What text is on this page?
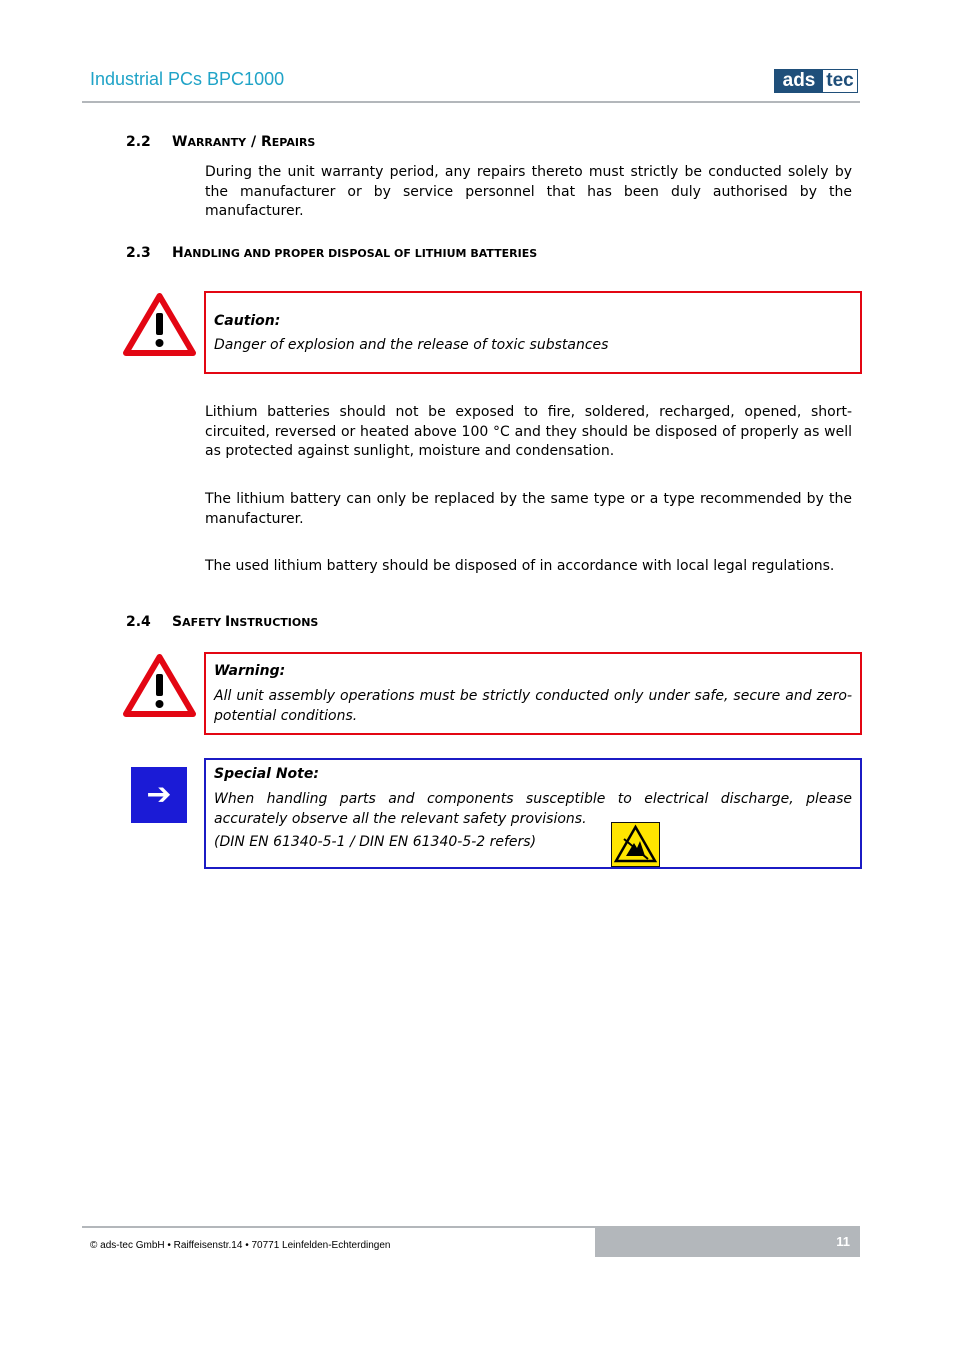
Industrial PCs BPC1000	ads tec
2.2 WARRANTY / REPAIRS
During the unit warranty period, any repairs thereto must strictly be conducted solely by the manufacturer or by service personnel that has been duly authorised by the manufacturer.
2.3 HANDLING AND PROPER DISPOSAL OF LITHIUM BATTERIES
Caution:
Danger of explosion and the release of toxic substances
Lithium batteries should not be exposed to fire, soldered, recharged, opened, short-circuited, reversed or heated above 100 °C and they should be disposed of properly as well as protected against sunlight, moisture and condensation.
The lithium battery can only be replaced by the same type or a type recommended by the manufacturer.
The used lithium battery should be disposed of in accordance with local legal regulations.
2.4 SAFETY INSTRUCTIONS
Warning:
All unit assembly operations must be strictly conducted only under safe, secure and zero-potential conditions.
➔
Special Note:
When handling parts and components susceptible to electrical discharge, please accurately observe all the relevant safety provisions.
(DIN EN 61340-5-1 / DIN EN 61340-5-2 refers)
© ads-tec GmbH • Raiffeisenstr.14 • 70771 Leinfelden-Echterdingen	11
